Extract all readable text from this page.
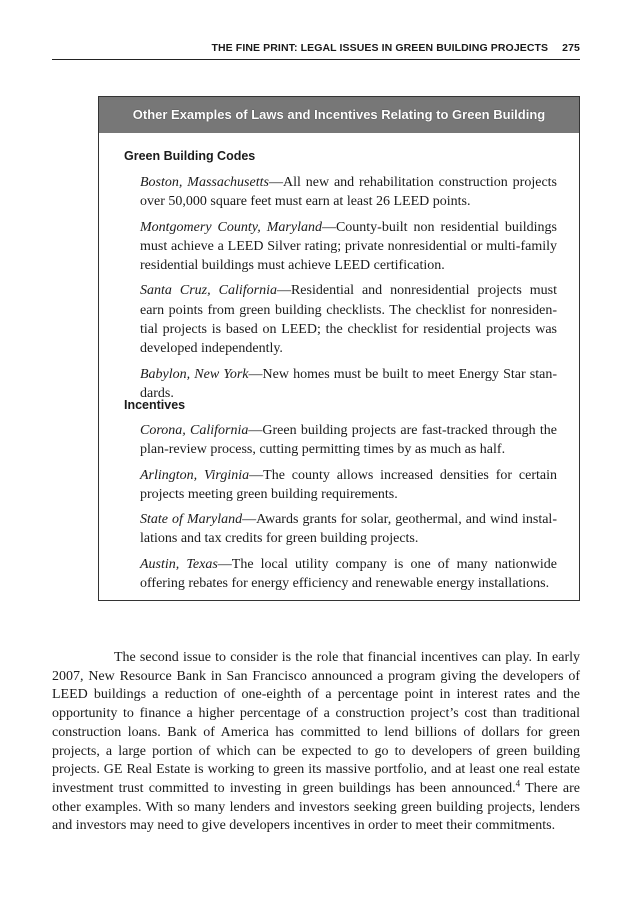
THE FINE PRINT: LEGAL ISSUES IN GREEN BUILDING PROJECTS 275
Other Examples of Laws and Incentives Relating to Green Building
Green Building Codes

Boston, Massachusetts—All new and rehabilitation construction projects over 50,000 square feet must earn at least 26 LEED points.

Montgomery County, Maryland—County-built non residential buildings must achieve a LEED Silver rating; private nonresidential or multi-family residential buildings must achieve LEED certification.

Santa Cruz, California—Residential and nonresidential projects must earn points from green building checklists. The checklist for nonresidential projects is based on LEED; the checklist for residential projects was developed independently.

Babylon, New York—New homes must be built to meet Energy Star standards.

Incentives

Corona, California—Green building projects are fast-tracked through the plan-review process, cutting permitting times by as much as half.

Arlington, Virginia—The county allows increased densities for certain projects meeting green building requirements.

State of Maryland—Awards grants for solar, geothermal, and wind installations and tax credits for green building projects.

Austin, Texas—The local utility company is one of many nationwide offering rebates for energy efficiency and renewable energy installations.

The second issue to consider is the role that financial incentives can play. In early 2007, New Resource Bank in San Francisco announced a program giving the developers of LEED buildings a reduction of one-eighth of a percentage point in interest rates and the opportunity to finance a higher percentage of a construction project’s cost than traditional construction loans. Bank of America has committed to lend billions of dollars for green projects, a large portion of which can be expected to go to developers of green building projects. GE Real Estate is working to green its massive portfolio, and at least one real estate investment trust committed to investing in green buildings has been announced.$^4$ There are other examples. With so many lenders and investors seeking green building projects, lenders and investors may need to give developers incentives in order to meet their commitments.
